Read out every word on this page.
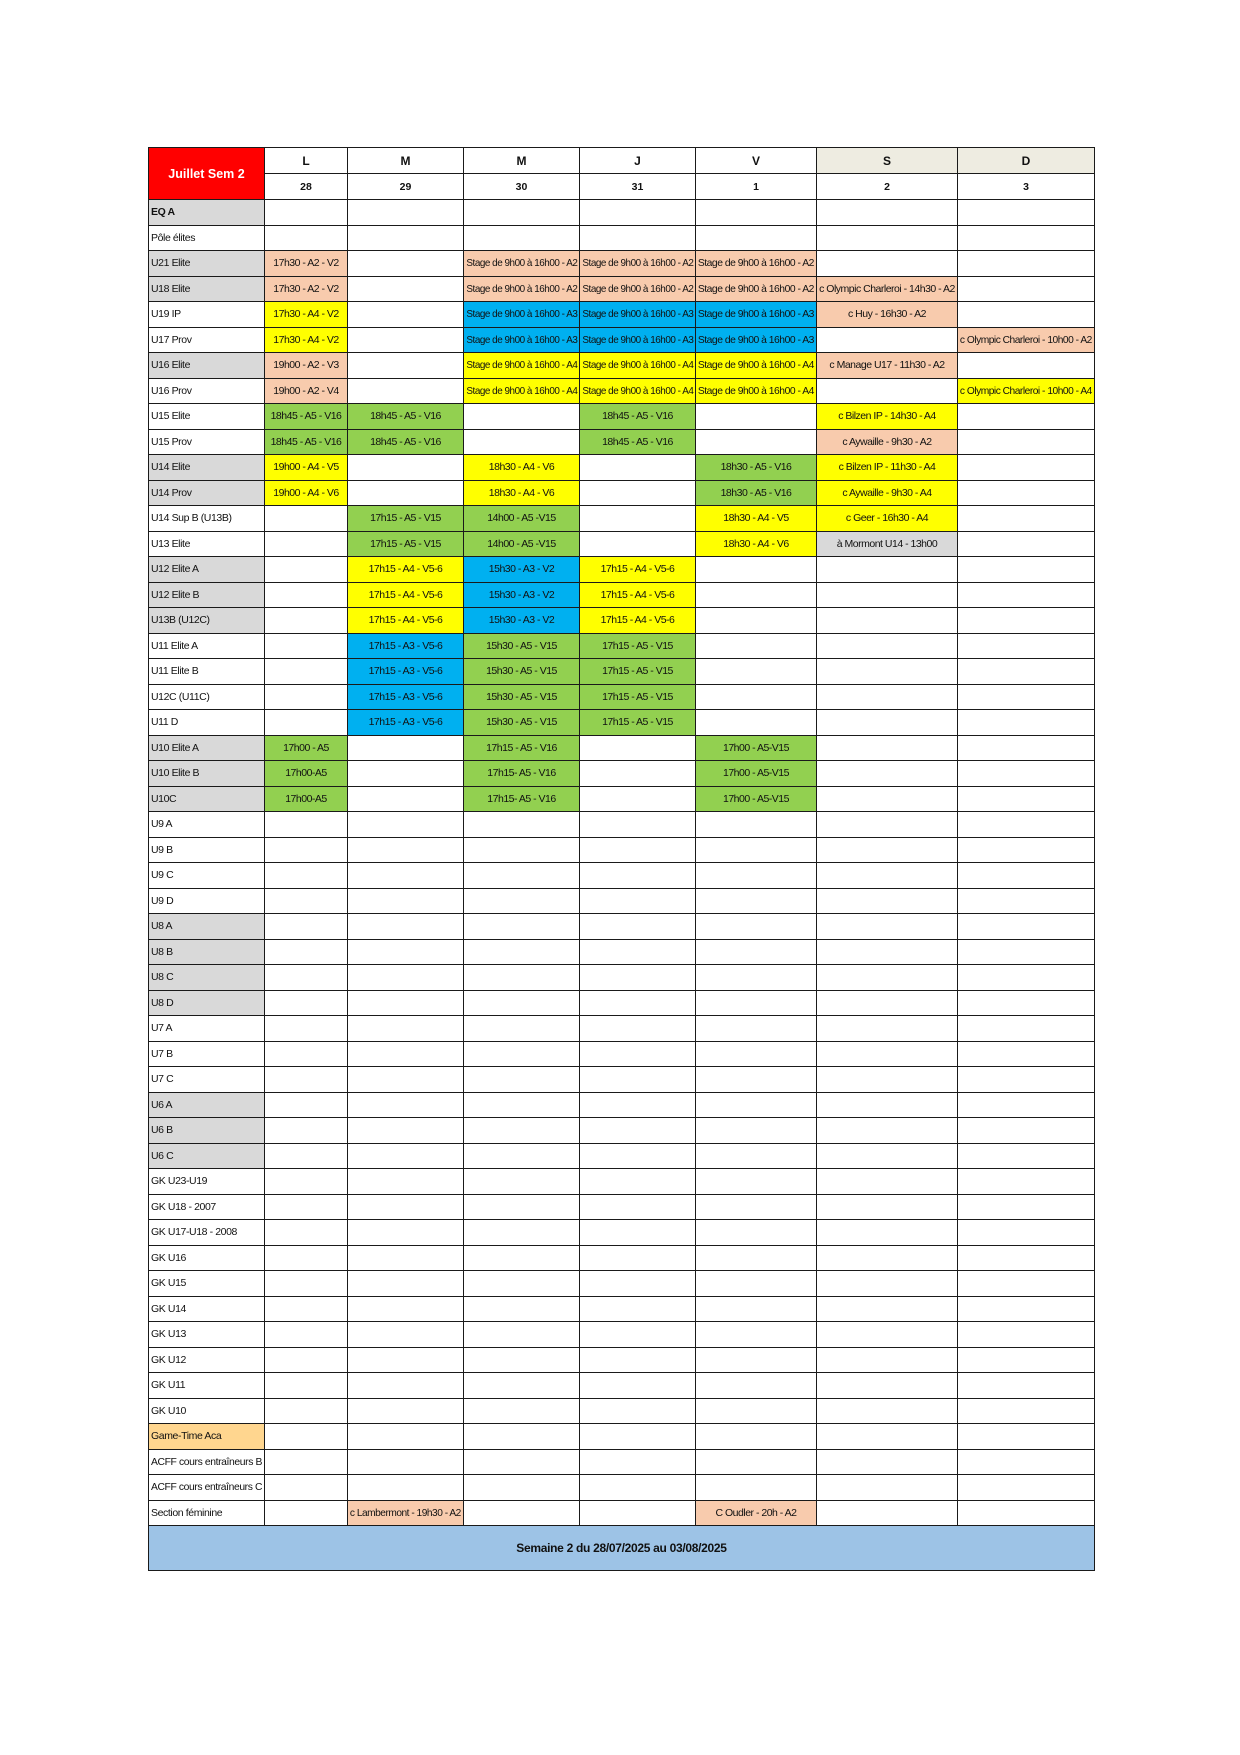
Juillet Sem 2	L	M	M	J	V	S	D
	28	29	30	31	1	2	3
EQ A							
Pôle élites							
U21 Elite	17h30 - A2 - V2		Stage de 9h00 à 16h00 - A2	Stage de 9h00 à 16h00 - A2	Stage de 9h00 à 16h00 - A2		
U18 Elite	17h30 - A2 - V2		Stage de 9h00 à 16h00 - A2	Stage de 9h00 à 16h00 - A2	Stage de 9h00 à 16h00 - A2	c Olympic Charleroi - 14h30 - A2	
U19 IP	17h30 - A4 - V2		Stage de 9h00 à 16h00 - A3	Stage de 9h00 à 16h00 - A3	Stage de 9h00 à 16h00 - A3	c Huy - 16h30 - A2	
U17 Prov	17h30 - A4 - V2		Stage de 9h00 à 16h00 - A3	Stage de 9h00 à 16h00 - A3	Stage de 9h00 à 16h00 - A3		c Olympic Charleroi - 10h00 - A2
U16 Elite	19h00 - A2 - V3		Stage de 9h00 à 16h00 - A4	Stage de 9h00 à 16h00 - A4	Stage de 9h00 à 16h00 - A4	c Manage U17 - 11h30 - A2	
U16 Prov	19h00 - A2 - V4		Stage de 9h00 à 16h00 - A4	Stage de 9h00 à 16h00 - A4	Stage de 9h00 à 16h00 - A4		c Olympic Charleroi - 10h00 - A4
U15 Elite	18h45 - A5 - V16	18h45 - A5 - V16		18h45 - A5 - V16		c Bilzen IP - 14h30 - A4	
U15 Prov	18h45 - A5 - V16	18h45 - A5 - V16		18h45 - A5 - V16		c Aywaille - 9h30 - A2	
U14 Elite	19h00 - A4 - V5		18h30 - A4 - V6		18h30 - A5 - V16	c Bilzen IP - 11h30 - A4	
U14 Prov	19h00 - A4 - V6		18h30 - A4 - V6		18h30 - A5 - V16	c Aywaille - 9h30 - A4	
U14 Sup B (U13B)		17h15 - A5 - V15	14h00 - A5 -V15		18h30 - A4 - V5	c Geer - 16h30 - A4	
U13 Elite		17h15 - A5 - V15	14h00 - A5 -V15		18h30 - A4 - V6	à Mormont U14 - 13h00	
U12 Elite A		17h15 - A4 - V5-6	15h30 - A3 - V2	17h15 - A4 - V5-6			
U12 Elite B		17h15 - A4 - V5-6	15h30 - A3 - V2	17h15 - A4 - V5-6			
U13B (U12C)		17h15 - A4 - V5-6	15h30 - A3 - V2	17h15 - A4 - V5-6			
U11 Elite A		17h15 - A3 - V5-6	15h30 - A5 - V15	17h15 - A5 - V15			
U11 Elite B		17h15 - A3 - V5-6	15h30 - A5 - V15	17h15 - A5 - V15			
U12C (U11C)		17h15 - A3 - V5-6	15h30 - A5 - V15	17h15 - A5 - V15			
U11 D		17h15 - A3 - V5-6	15h30 - A5 - V15	17h15 - A5 - V15			
U10 Elite A	17h00 - A5		17h15 - A5 - V16		17h00 - A5-V15		
U10 Elite B	17h00-A5		17h15- A5 - V16		17h00 - A5-V15		
U10C	17h00-A5		17h15- A5 - V16		17h00 - A5-V15		
U9 A							
U9 B							
U9 C							
U9 D							
U8 A							
U8 B							
U8 C							
U8 D							
U7 A							
U7 B							
U7 C							
U6 A							
U6 B							
U6 C							
GK U23-U19							
GK U18 - 2007							
GK U17-U18 - 2008							
GK U16							
GK U15							
GK U14							
GK U13							
GK U12							
GK U11							
GK U10							
Game-Time Aca							
ACFF cours entraîneurs B							
ACFF cours entraîneurs C							
Section féminine		c Lambermont - 19h30 - A2			C Oudler - 20h - A2		
Semaine 2 du 28/07/2025 au 03/08/2025							
